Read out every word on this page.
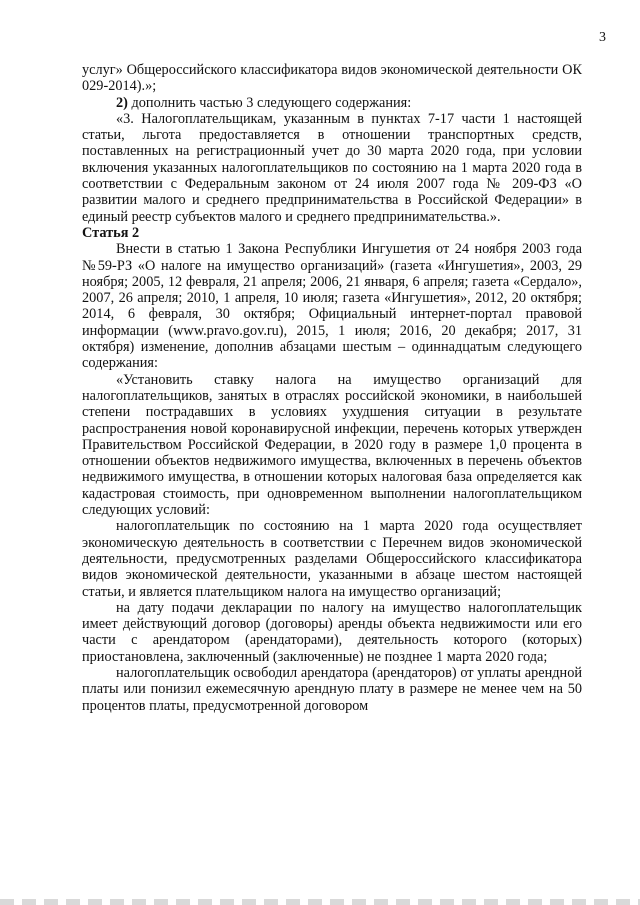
3

услуг» Общероссийского классификатора видов экономической деятельности ОК 029-2014).»;

2) дополнить частью 3 следующего содержания:

«3. Налогоплательщикам, указанным в пунктах 7-17 части 1 настоящей статьи, льгота предоставляется в отношении транспортных средств, поставленных на регистрационный учет до 30 марта 2020 года, при условии включения указанных налогоплательщиков по состоянию на 1 марта 2020 года в соответствии с Федеральным законом от 24 июля 2007 года № 209-ФЗ «О развитии малого и среднего предпринимательства в Российской Федерации» в единый реестр субъектов малого и среднего предпринимательства.».

Статья 2

Внести в статью 1 Закона Республики Ингушетия от 24 ноября 2003 года №59-РЗ «О налоге на имущество организаций» (газета «Ингушетия», 2003, 29 ноября; 2005, 12 февраля, 21 апреля; 2006, 21 января, 6 апреля; газета «Сердало», 2007, 26 апреля; 2010, 1 апреля, 10 июля; газета «Ингушетия», 2012, 20 октября; 2014, 6 февраля, 30 октября; Официальный интернет-портал правовой информации (www.pravo.gov.ru), 2015, 1 июля; 2016, 20 декабря; 2017, 31 октября) изменение, дополнив абзацами шестым – одиннадцатым следующего содержания:

«Установить ставку налога на имущество организаций для налогоплательщиков, занятых в отраслях российской экономики, в наибольшей степени пострадавших в условиях ухудшения ситуации в результате распространения новой коронавирусной инфекции, перечень которых утвержден Правительством Российской Федерации, в 2020 году в размере 1,0 процента в отношении объектов недвижимого имущества, включенных в перечень объектов недвижимого имущества, в отношении которых налоговая база определяется как кадастровая стоимость, при одновременном выполнении налогоплательщиком следующих условий:

налогоплательщик по состоянию на 1 марта 2020 года осуществляет экономическую деятельность в соответствии с Перечнем видов экономической деятельности, предусмотренных разделами Общероссийского классификатора видов экономической деятельности, указанными в абзаце шестом настоящей статьи, и является плательщиком налога на имущество организаций;

на дату подачи декларации по налогу на имущество налогоплательщик имеет действующий договор (договоры) аренды объекта недвижимости или его части с арендатором (арендаторами), деятельность которого (которых) приостановлена, заключенный (заключенные) не позднее 1 марта 2020 года;

налогоплательщик освободил арендатора (арендаторов) от уплаты арендной платы или понизил ежемесячную арендную плату в размере не менее чем на 50 процентов платы, предусмотренной договором
